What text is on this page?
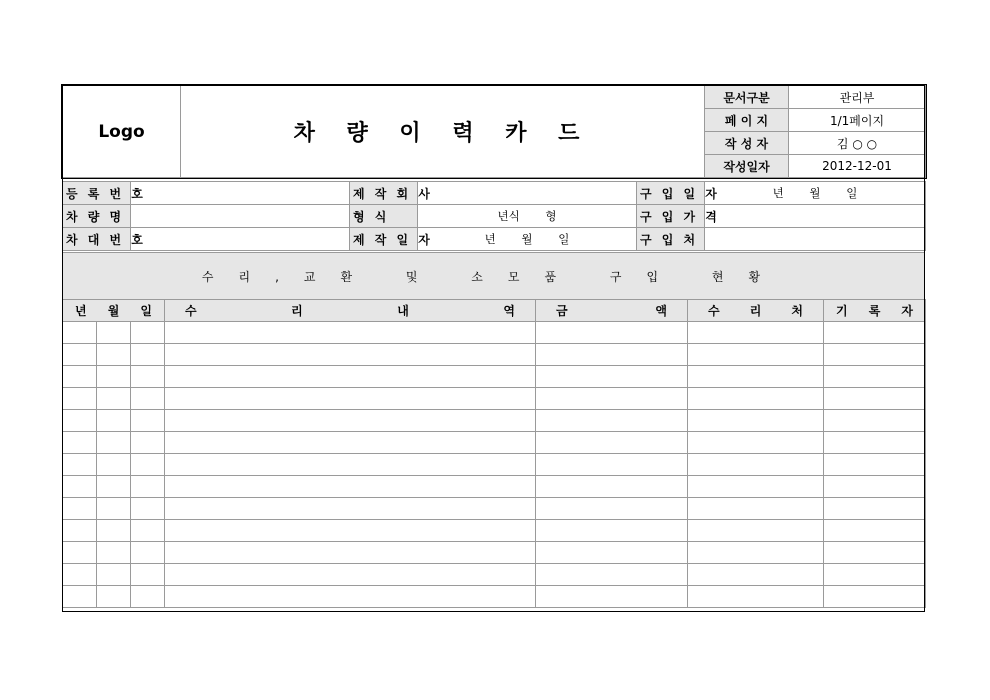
Logo	차 량 이 력 카 드	문서구분	관리부
		페 이 지	1/1페이지
		작 성 자	김 ○ ○
		작성일자	2012-12-01
등 록 번 호		제 작 회 사		구 입 일 자	년 월 일
차 량 명		형 식	년식 형	구 입 가 격	
차 대 번 호		제 작 일 자	년 월 일	구 입 처	
수리,교환 및 소모품 구입 현황
년 월 일			수 리 내 역	금 액	수 리 처	기 록 자
